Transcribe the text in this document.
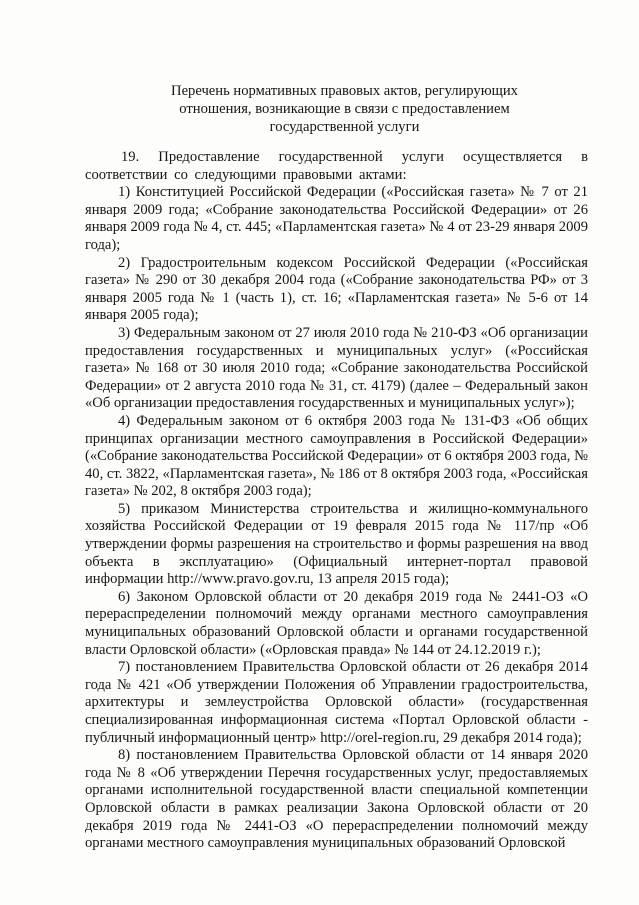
Перечень нормативных правовых актов, регулирующих
отношения, возникающие в связи с предоставлением
государственной услуги

19. Предоставление государственной услуги осуществляется в соответствии со следующими правовыми актами:

1) Конституцией Российской Федерации («Российская газета» № 7 от 21 января 2009 года; «Собрание законодательства Российской Федерации» от 26 января 2009 года № 4, ст. 445; «Парламентская газета» № 4 от 23-29 января 2009 года);

2) Градостроительным кодексом Российской Федерации («Российская газета» № 290 от 30 декабря 2004 года («Собрание законодательства РФ» от 3 января 2005 года № 1 (часть 1), ст. 16; «Парламентская газета» № 5-6 от 14 января 2005 года);

3) Федеральным законом от 27 июля 2010 года № 210-ФЗ «Об организации предоставления государственных и муниципальных услуг» («Российская газета» № 168 от 30 июля 2010 года; «Собрание законодательства Российской Федерации» от 2 августа 2010 года № 31, ст. 4179) (далее – Федеральный закон «Об организации предоставления государственных и муниципальных услуг»);

4) Федеральным законом от 6 октября 2003 года № 131-ФЗ «Об общих принципах организации местного самоуправления в Российской Федерации» («Собрание законодательства Российской Федерации» от 6 октября 2003 года, № 40, ст. 3822, «Парламентская газета», № 186 от 8 октября 2003 года, «Российская газета» № 202, 8 октября 2003 года);

5) приказом Министерства строительства и жилищно-коммунального хозяйства Российской Федерации от 19 февраля 2015 года № 117/пр «Об утверждении формы разрешения на строительство и формы разрешения на ввод объекта в эксплуатацию» (Официальный интернет-портал правовой информации http://www.pravo.gov.ru, 13 апреля 2015 года);

6) Законом Орловской области от 20 декабря 2019 года № 2441-ОЗ «О перераспределении полномочий между органами местного самоуправления муниципальных образований Орловской области и органами государственной власти Орловской области» («Орловская правда» № 144 от 24.12.2019 г.);

7) постановлением Правительства Орловской области от 26 декабря 2014 года № 421 «Об утверждении Положения об Управлении градостроительства, архитектуры и землеустройства Орловской области» (государственная специализированная информационная система «Портал Орловской области - публичный информационный центр» http://orel-region.ru, 29 декабря 2014 года);

8) постановлением Правительства Орловской области от 14 января 2020 года № 8 «Об утверждении Перечня государственных услуг, предоставляемых органами исполнительной государственной власти специальной компетенции Орловской области в рамках реализации Закона Орловской области от 20 декабря 2019 года № 2441-ОЗ «О перераспределении полномочий между органами местного самоуправления муниципальных образований Орловской
